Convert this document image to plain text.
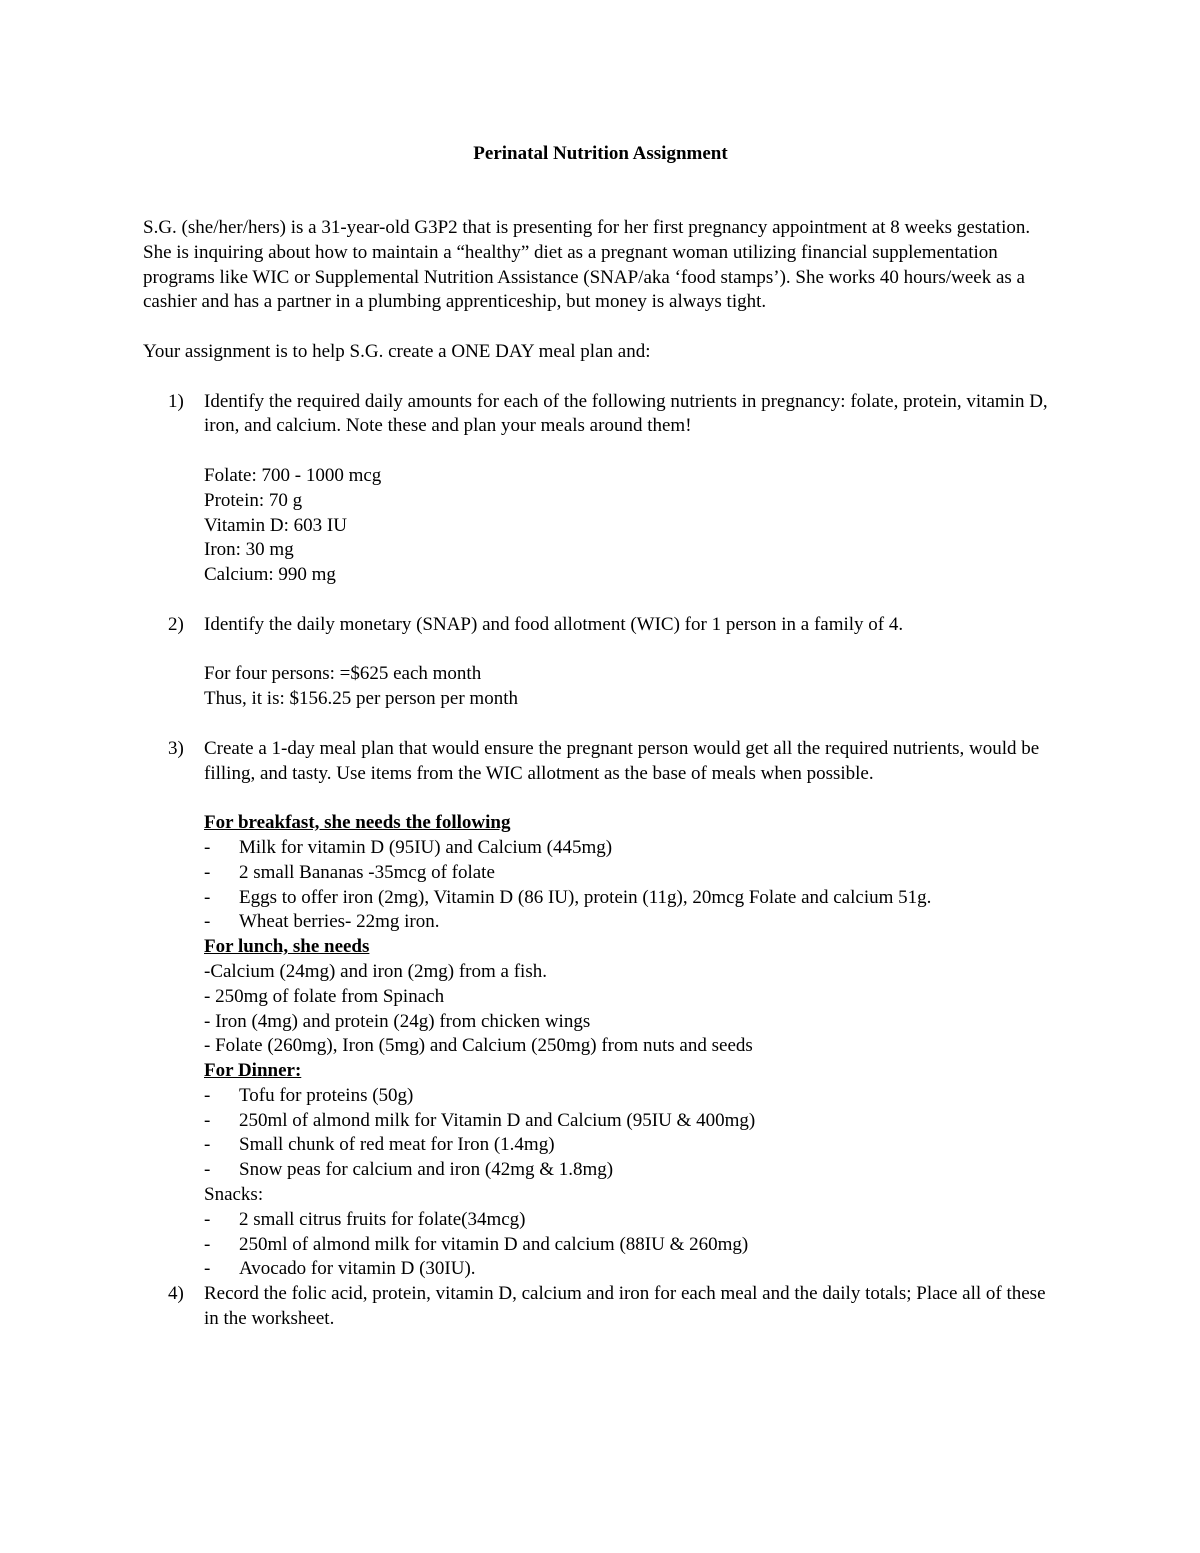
Perinatal Nutrition Assignment

S.G. (she/her/hers) is a 31-year-old G3P2 that is presenting for her first pregnancy appointment at 8 weeks gestation. She is inquiring about how to maintain a “healthy” diet as a pregnant woman utilizing financial supplementation programs like WIC or Supplemental Nutrition Assistance (SNAP/aka ‘food stamps’). She works 40 hours/week as a cashier and has a partner in a plumbing apprenticeship, but money is always tight.

Your assignment is to help S.G. create a ONE DAY meal plan and:

1) Identify the required daily amounts for each of the following nutrients in pregnancy: folate, protein, vitamin D, iron, and calcium. Note these and plan your meals around them!

Folate: 700 - 1000 mcg

Protein: 70 g

Vitamin D: 603 IU

Iron: 30 mg

Calcium: 990 mg

2) Identify the daily monetary (SNAP) and food allotment (WIC) for 1 person in a family of 4.

For four persons: =$625 each month

Thus, it is: $156.25 per person per month

3) Create a 1-day meal plan that would ensure the pregnant person would get all the required nutrients, would be filling, and tasty. Use items from the WIC allotment as the base of meals when possible.

For breakfast, she needs the following

- Milk for vitamin D (95IU) and Calcium (445mg)
- 2 small Bananas -35mcg of folate
- Eggs to offer iron (2mg), Vitamin D (86 IU), protein (11g), 20mcg Folate and calcium 51g.
- Wheat berries- 22mg iron.

For lunch, she needs

-Calcium (24mg) and iron (2mg) from a fish.

- 250mg of folate from Spinach

- Iron (4mg) and protein (24g) from chicken wings

- Folate (260mg), Iron (5mg) and Calcium (250mg) from nuts and seeds

For Dinner:

- Tofu for proteins (50g)
- 250ml of almond milk for Vitamin D and Calcium (95IU & 400mg)
- Small chunk of red meat for Iron (1.4mg)
- Snow peas for calcium and iron (42mg & 1.8mg)

Snacks:

- 2 small citrus fruits for folate(34mcg)
- 250ml of almond milk for vitamin D and calcium (88IU & 260mg)
- Avocado for vitamin D (30IU).
4) Record the folic acid, protein, vitamin D, calcium and iron for each meal and the daily totals; Place all of these in the worksheet.
